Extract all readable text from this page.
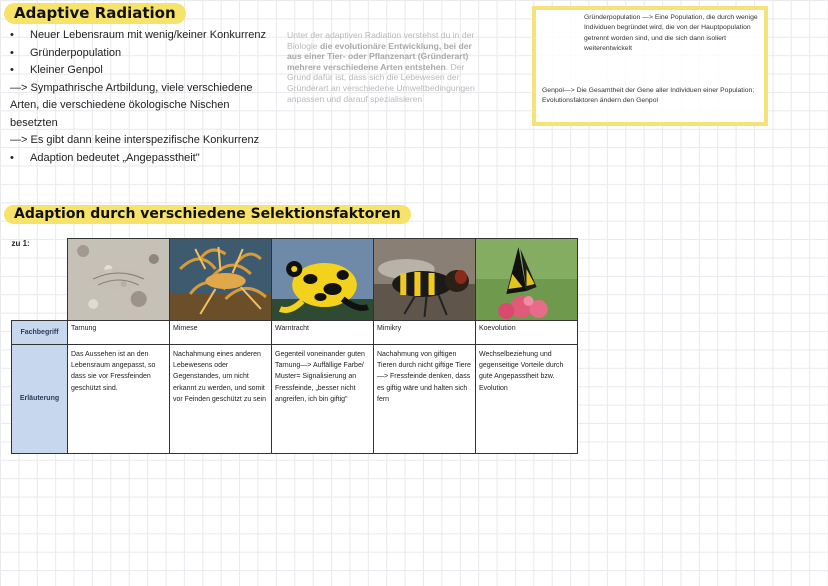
Adaptive Radiation
•	Neuer Lebensraum mit wenig/keiner Konkurrenz
•	Gründerpopulation
•	Kleiner Genpol
—> Sympathrische Artbildung, viele verschiedene Arten, die verschiedene ökologische Nischen besetzten
—> Es gibt dann keine interspezifische Konkurrenz
•	Adaption bedeutet „Angepasstheit"
Unter der adaptiven Radiation verstehst du in der Biologie die evolutionäre Entwicklung, bei der aus einer Tier- oder Pflanzenart (Gründerart) mehrere verschiedene Arten entstehen. Der Grund dafür ist, dass sich die Lebewesen der Gründerart an verschiedene Umweltbedingungen anpassen und darauf spezialisieren
Gründerpopulation —> Eine Population, die durch wenige Individuen begründet wird, die von der Hauptpopulation getrennt worden sind, und die sich dann isoliert weiterentwickelt
Genpol—> Die Gesamtheit der Gene aller Individuen einer Population; Evolutionsfaktoren ändern den Genpol
Adaption durch verschiedene Selektionsfaktoren
zu 1:

Fachbegriff	Tarnung	Mimese	Warntracht	Mimikry	Koevolution
Erläuterung	Das Aussehen ist an den Lebensraum angepasst, so dass sie vor Fressfeinden geschützt sind.	Nachahmung eines anderen Lebewesens oder Gegenstandes, um nicht erkannt zu werden, und somit vor Feinden geschützt zu sein	Gegenteil voneinander guten Tarnung—> Auffällige Farbe/ Muster= Signalisierung an Fressfeinde, „besser nicht angreifen, ich bin giftig"	Nachahmung von giftigen Tieren durch nicht giftige Tiere—> Fressfeinde denken, dass es giftig wäre und halten sich fern	Wechselbeziehung und gegenseitige Vorteile durch gute Angepasstheit bzw. Evolution
